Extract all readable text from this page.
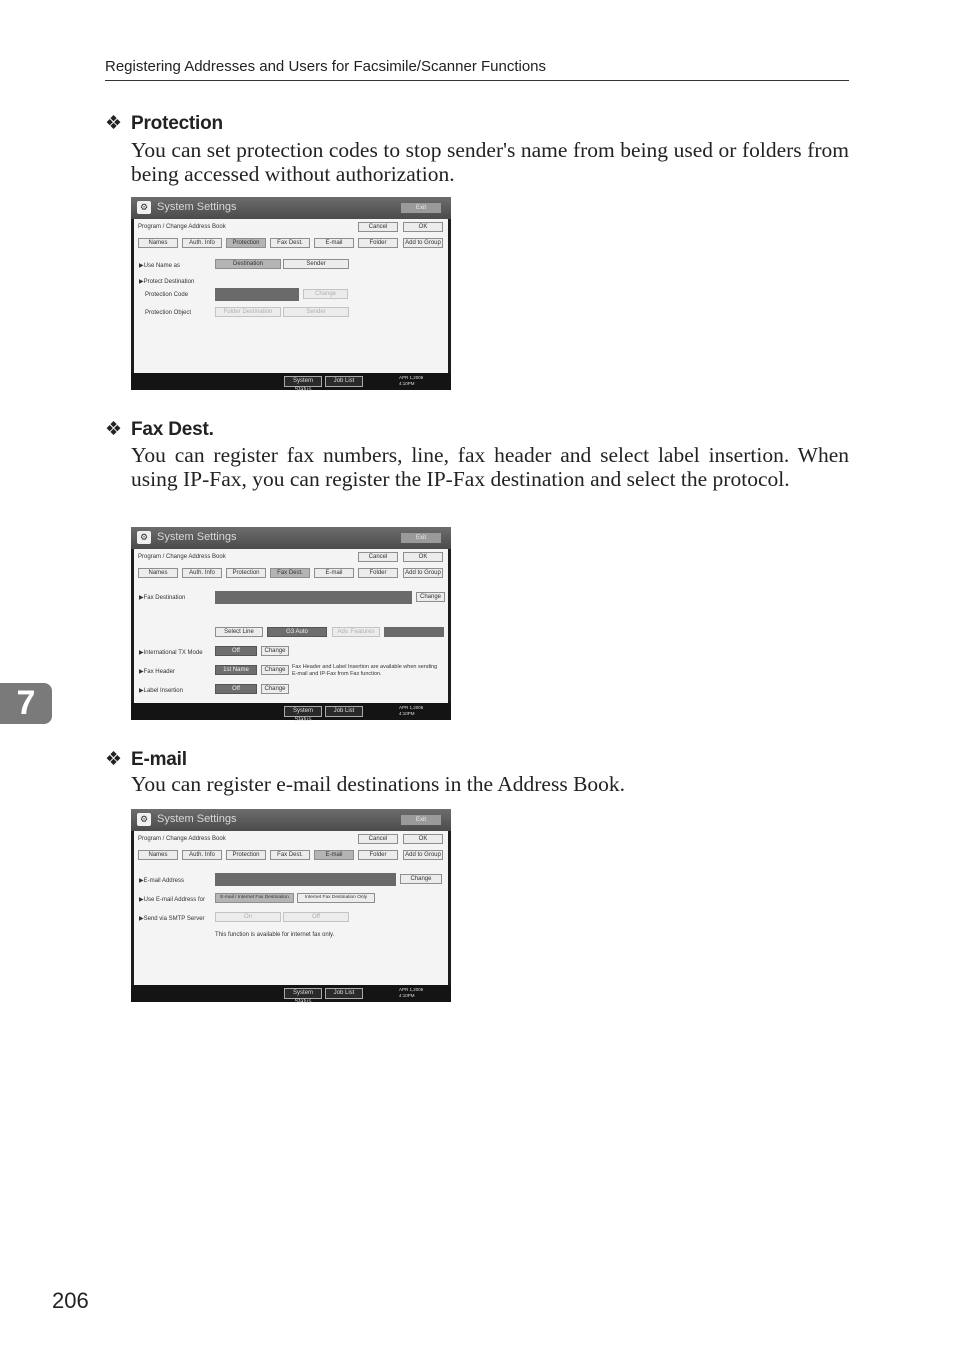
Registering Addresses and Users for Facsimile/Scanner Functions
❖ Protection
You can set protection codes to stop sender's name from being used or folders from being accessed without authorization.
⚙ System Settings	Exit
Program / Change Address Book	Cancel	OK
Names	Auth. Info	Protection	Fax Dest.	E-mail	Folder	Add to Group
▶Use Name as	Destination	Sender
▶Protect Destination
Protection Code	Change
Protection Object	Folder Destination	Sender
System Status
Job List
APR 1,2006
4:10PM
❖ Fax Dest.
You can register fax numbers, line, fax header and select label insertion. When using IP-Fax, you can register the IP-Fax destination and select the protocol.
⚙ System Settings	Exit
Program / Change Address Book	Cancel	OK
Names	Auth. Info	Protection	Fax Dest.	E-mail	Folder	Add to Group
▶Fax Destination	Change
Select Line	G3 Auto	Adv. Features
▶International TX Mode	Off	Change
▶Fax Header	1st Name	Change	Fax Header and Label Insertion are available when sending E-mail and IP-Fax from Fax function.
▶Label Insertion	Off	Change
System Status
Job List
APR 1,2006
4:10PM
❖ E-mail
You can register e-mail destinations in the Address Book.
⚙ System Settings	Exit
Program / Change Address Book	Cancel	OK
Names	Auth. Info	Protection	Fax Dest.	E-mail	Folder	Add to Group
▶E-mail Address	Change
▶Use E-mail Address for	E-mail / Internet Fax Destination	Internet Fax Destination Only
▶Send via SMTP Server	On	Off
This function is available for internet fax only.
System Status
Job List
APR 1,2006
4:10PM
7
206
